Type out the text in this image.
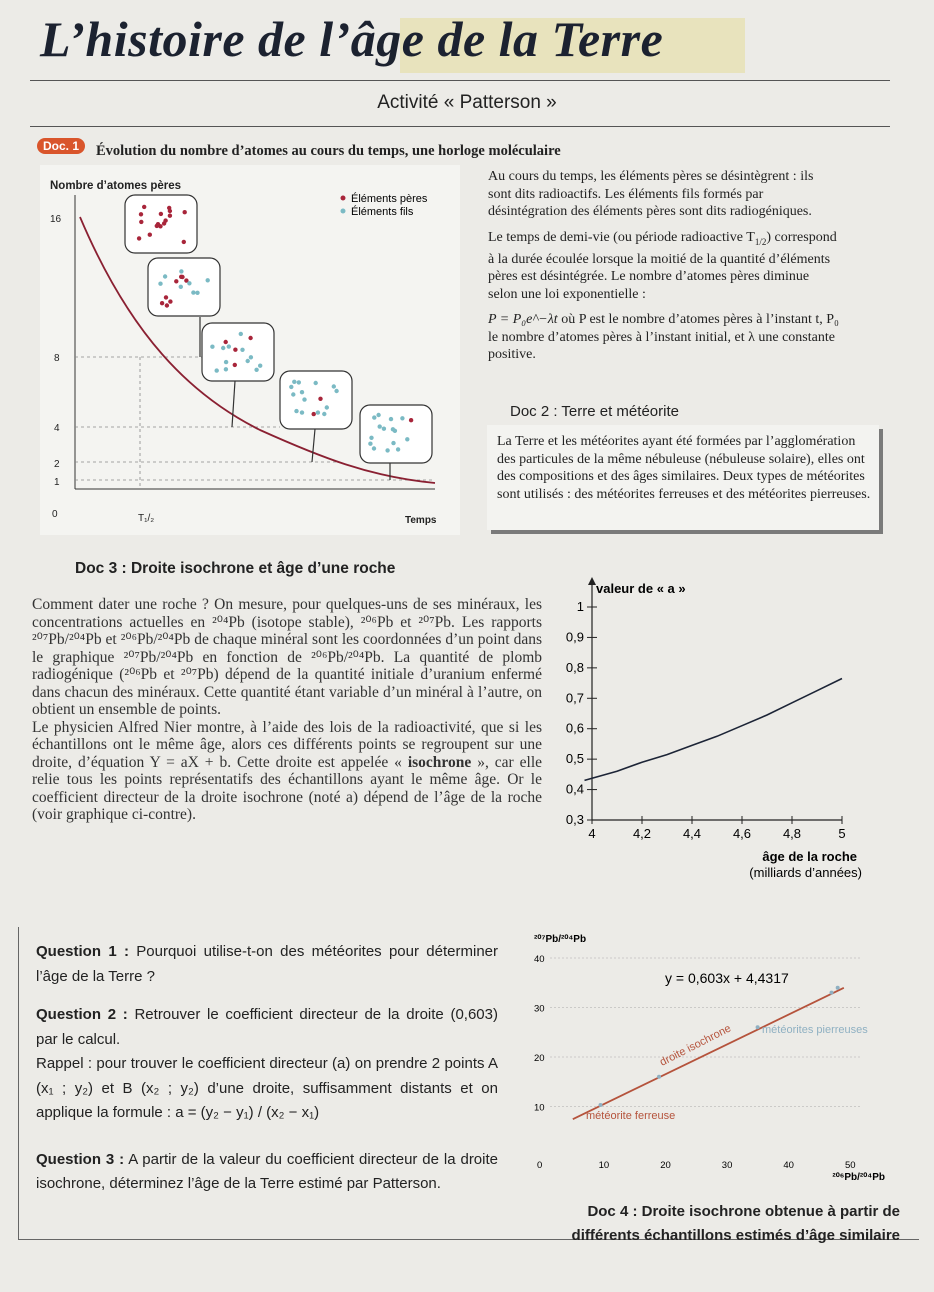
L’histoire de l’âge de la Terre
Activité « Patterson »
Doc. 1	Évolution du nombre d’atomes au cours du temps, une horloge moléculaire
Nombre d’atomes pères
16
8
4
2
1
0	T₁/₂	Temps
Éléments pères
Éléments fils

Au cours du temps, les éléments pères se désintègrent : ils sont dits radioactifs. Les éléments fils formés par désintégration des éléments pères sont dits radiogéniques.

Le temps de demi-vie (ou période radioactive $T_{1/2}$) correspond à la durée écoulée lorsque la moitié de la quantité d’éléments pères est désintégrée. Le nombre d’atomes pères diminue selon une loi exponentielle :

P = P₀e^−λt où P est le nombre d’atomes pères à l’instant t, P₀ le nombre d’atomes pères à l’instant initial, et λ une constante positive.

Doc 2 : Terre et météorite
La Terre et les météorites ayant été formées par l’agglomération des particules de la même nébuleuse (nébuleuse solaire), elles ont des compositions et des âges similaires. Deux types de météorites sont utilisés : des météorites ferreuses et des météorites pierreuses.
Doc 3 : Droite isochrone et âge d’une roche

Comment dater une roche ? On mesure, pour quelques-uns de ses minéraux, les concentrations actuelles en ²⁰⁴Pb (isotope stable), ²⁰⁶Pb et ²⁰⁷Pb. Les rapports ²⁰⁷Pb/²⁰⁴Pb et ²⁰⁶Pb/²⁰⁴Pb de chaque minéral sont les coordonnées d’un point dans le graphique ²⁰⁷Pb/²⁰⁴Pb en fonction de ²⁰⁶Pb/²⁰⁴Pb. La quantité de plomb radiogénique (²⁰⁶Pb et ²⁰⁷Pb) dépend de la quantité initiale d’uranium enfermé dans chacun des minéraux. Cette quantité étant variable d’un minéral à l’autre, on obtient un ensemble de points.

Le physicien Alfred Nier montre, à l’aide des lois de la radioactivité, que si les échantillons ont le même âge, alors ces différents points se regroupent sur une droite, d’équation Y = aX + b. Cette droite est appelée « isochrone », car elle relie tous les points représentatifs des échantillons ayant le même âge. Or le coefficient directeur de la droite isochrone (noté a) dépend de l’âge de la roche (voir graphique ci-contre).

valeur de « a »
1
0,9
0,8
0,7
0,6
0,5
0,4
0,3
4	4,2 4,4 4,6 4,8	5
âge de la roche
(milliards d’années)

Question 1 : Pourquoi utilise-t-on des météorites pour déterminer l’âge de la Terre ?

Question 2 : Retrouver le coefficient directeur de la droite (0,603) par le calcul.

Rappel : pour trouver le coefficient directeur (a) on prendre 2 points A (x₁ ; y₂) et B (x₂ ; y₂) d’une droite, suffisamment distants et on applique la formule : a = (y₂ − y₁) / (x₂ − x₁)

Question 3 : A partir de la valeur du coefficient directeur de la droite isochrone, déterminez l’âge de la Terre estimé par Patterson.

²⁰⁷Pb/²⁰⁴Pb
40
30
20
10
0	10	20	30	40	50
y = 0,603x + 4,4317
droite isochrone	météorites pierreuses
météorite ferreuse
²⁰⁶Pb/²⁰⁴Pb
Doc 4 : Droite isochrone obtenue à partir de différents échantillons estimés d’âge similaire
